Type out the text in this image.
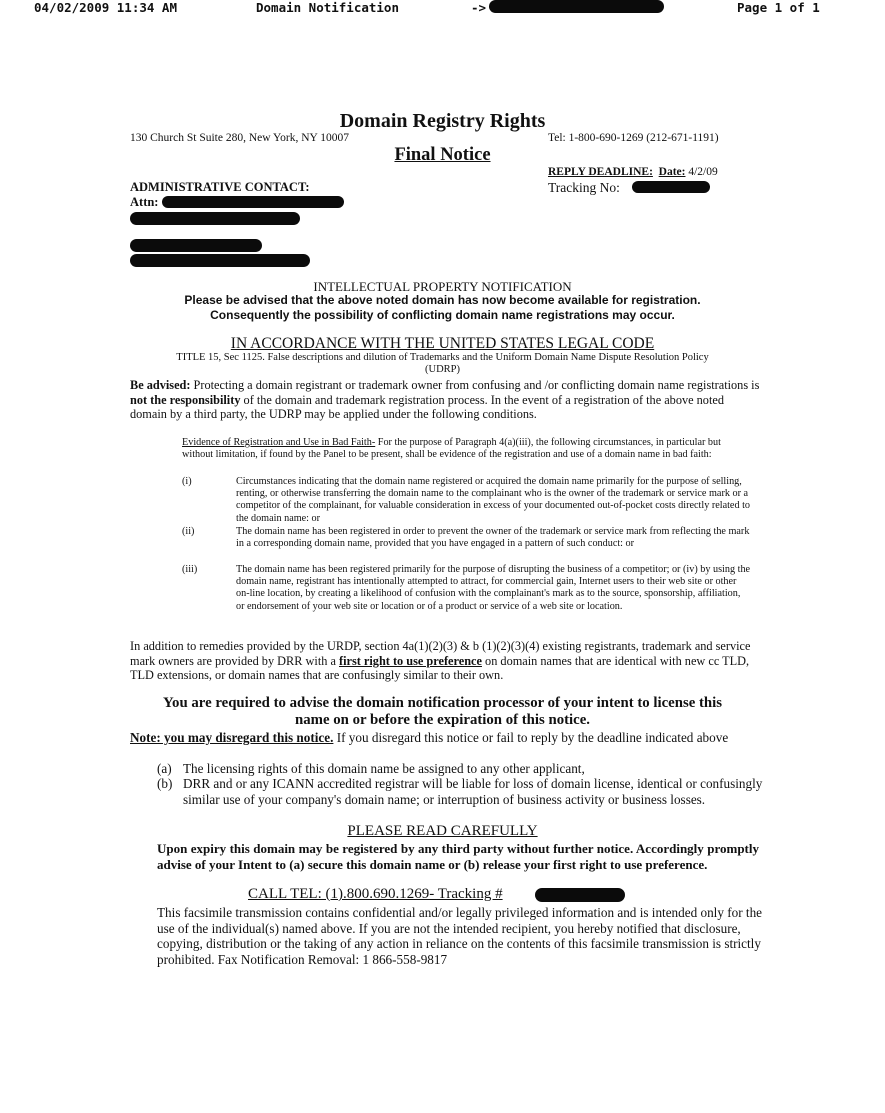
04/02/2009 11:34 AM	Domain Notification	->	Page 1 of 1
Domain Registry Rights
130 Church St Suite 280, New York, NY 10007	Tel: 1-800-690-1269 (212-671-1191)
Final Notice
REPLY DEADLINE: Date: 4/2/09
Tracking No:
ADMINISTRATIVE CONTACT:
Attn:
INTELLECTUAL PROPERTY NOTIFICATION
Please be advised that the above noted domain has now become available for registration.
Consequently the possibility of conflicting domain name registrations may occur.
IN ACCORDANCE WITH THE UNITED STATES LEGAL CODE
TITLE 15, Sec 1125. False descriptions and dilution of Trademarks and the Uniform Domain Name Dispute Resolution Policy
(UDRP)
Be advised: Protecting a domain registrant or trademark owner from confusing and /or conflicting domain name registrations is not the responsibility of the domain and trademark registration process. In the event of a registration of the above noted domain by a third party, the UDRP may be applied under the following conditions.
Evidence of Registration and Use in Bad Faith- For the purpose of Paragraph 4(a)(iii), the following circumstances, in particular but without limitation, if found by the Panel to be present, shall be evidence of the registration and use of a domain name in bad faith:
(i)	Circumstances indicating that the domain name registered or acquired the domain name primarily for the purpose of selling, renting, or otherwise transferring the domain name to the complainant who is the owner of the trademark or service mark or a competitor of the complainant, for valuable consideration in excess of your documented out-of-pocket costs directly related to the domain name: or
(ii)	The domain name has been registered in order to prevent the owner of the trademark or service mark from reflecting the mark in a corresponding domain name, provided that you have engaged in a pattern of such conduct: or
(iii)	The domain name has been registered primarily for the purpose of disrupting the business of a competitor; or (iv) by using the domain name, registrant has intentionally attempted to attract, for commercial gain, Internet users to their web site or other on-line location, by creating a likelihood of confusion with the complainant's mark as to the source, sponsorship, affiliation, or endorsement of your web site or location or of a product or service of a web site or location.
In addition to remedies provided by the URDP, section 4a(1)(2)(3) & b (1)(2)(3)(4) existing registrants, trademark and service mark owners are provided by DRR with a first right to use preference on domain names that are identical with new cc TLD, TLD extensions, or domain names that are confusingly similar to their own.
You are required to advise the domain notification processor of your intent to license this
name on or before the expiration of this notice.
Note: you may disregard this notice. If you disregard this notice or fail to reply by the deadline indicated above
(a) The licensing rights of this domain name be assigned to any other applicant,
(b) DRR and or any ICANN accredited registrar will be liable for loss of domain license, identical or confusingly similar use of your company's domain name; or interruption of business activity or business losses.
PLEASE READ CAREFULLY
Upon expiry this domain may be registered by any third party without further notice. Accordingly promptly advise of your Intent to (a) secure this domain name or (b) release your first right to use preference.
CALL TEL: (1).800.690.1269- Tracking #
This facsimile transmission contains confidential and/or legally privileged information and is intended only for the use of the individual(s) named above. If you are not the intended recipient, you hereby notified that disclosure, copying, distribution or the taking of any action in reliance on the contents of this facsimile transmission is strictly prohibited. Fax Notification Removal: 1 866-558-9817
